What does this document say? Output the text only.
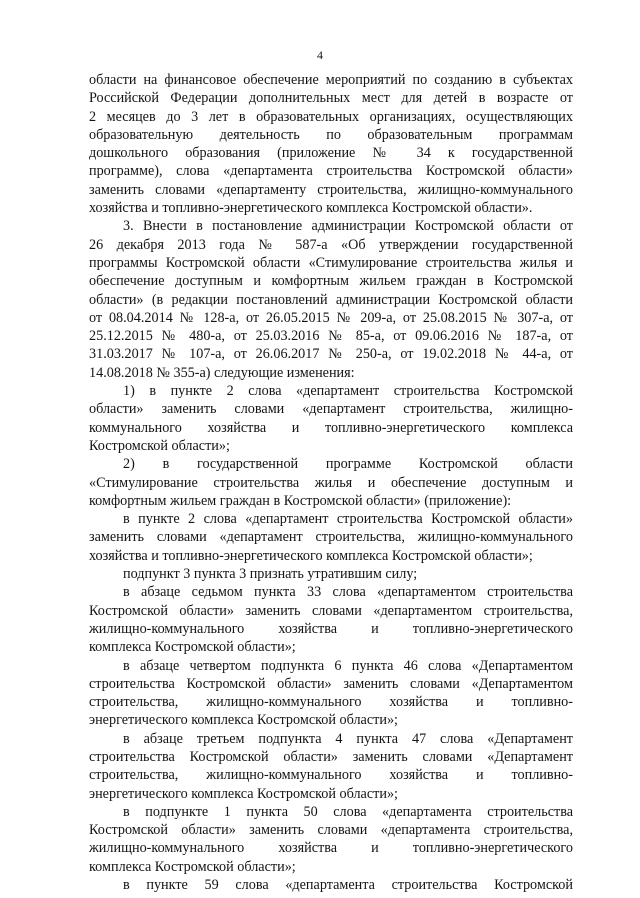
4
области на финансовое обеспечение мероприятий по созданию в субъектах
Российской Федерации дополнительных мест для детей в возрасте от
2 месяцев до 3 лет в образовательных организациях, осуществляющих
образовательную деятельность по образовательным программам
дошкольного образования (приложение № 34 к государственной
программе), слова «департамента строительства Костромской области»
заменить словами «департаменту строительства, жилищно-коммунального
хозяйства и топливно-энергетического комплекса Костромской области».
3. Внести в постановление администрации Костромской области от
26 декабря 2013 года № 587-а «Об утверждении государственной
программы Костромской области «Стимулирование строительства жилья и
обеспечение доступным и комфортным жильем граждан в Костромской
области» (в редакции постановлений администрации Костромской области
от 08.04.2014 № 128-а, от 26.05.2015 № 209-а, от 25.08.2015 № 307-а, от
25.12.2015 № 480-а, от 25.03.2016 № 85-а, от 09.06.2016 № 187-а, от
31.03.2017 № 107-а, от 26.06.2017 № 250-а, от 19.02.2018 № 44-а, от
14.08.2018 № 355-а) следующие изменения:
1) в пункте 2 слова «департамент строительства Костромской
области» заменить словами «департамент строительства, жилищно-
коммунального хозяйства и топливно-энергетического комплекса
Костромской области»;
2) в государственной программе Костромской области
«Стимулирование строительства жилья и обеспечение доступным и
комфортным жильем граждан в Костромской области» (приложение):
в пункте 2 слова «департамент строительства Костромской области»
заменить словами «департамент строительства, жилищно-коммунального
хозяйства и топливно-энергетического комплекса Костромской области»;
подпункт 3 пункта 3 признать утратившим силу;
в абзаце седьмом пункта 33 слова «департаментом строительства
Костромской области» заменить словами «департаментом строительства,
жилищно-коммунального хозяйства и топливно-энергетического
комплекса Костромской области»;
в абзаце четвертом подпункта 6 пункта 46 слова «Департаментом
строительства Костромской области» заменить словами «Департаментом
строительства, жилищно-коммунального хозяйства и топливно-
энергетического комплекса Костромской области»;
в абзаце третьем подпункта 4 пункта 47 слова «Департамент
строительства Костромской области» заменить словами «Департамент
строительства, жилищно-коммунального хозяйства и топливно-
энергетического комплекса Костромской области»;
в подпункте 1 пункта 50 слова «департамента строительства
Костромской области» заменить словами «департамента строительства,
жилищно-коммунального хозяйства и топливно-энергетического
комплекса Костромской области»;
в пункте 59 слова «департамента строительства Костромской
